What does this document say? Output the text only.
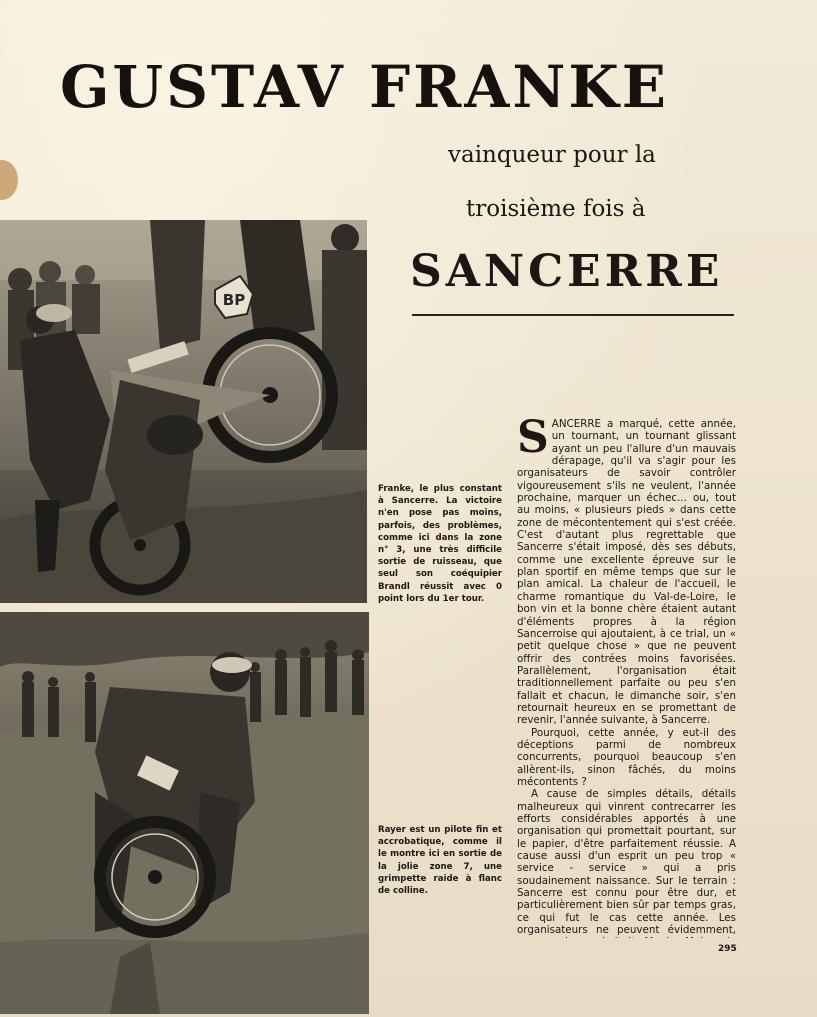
GUSTAV FRANKE
vainqueur pour la
troisième fois à
SANCERRE
BP
Franke, le plus constant à Sancerre. La victoire n'en pose pas moins, parfois, des problèmes, comme ici dans la zone n° 3, une très difficile sortie de ruisseau, que seul son coéquipier Brandl réussit avec 0 point lors du 1er tour.
Rayer est un pilote fin et accrobatique, comme il le montre ici en sortie de la jolie zone 7, une grimpette raide à flanc de colline.

SANCERRE a marqué, cette année, un tournant, un tournant glissant ayant un peu l'allure d'un mauvais dérapage, qu'il va s'agir pour les organisateurs de savoir contrôler vigoureusement s'ils ne veulent, l'année prochaine, marquer un échec... ou, tout au moins, « plusieurs pieds » dans cette zone de mécontentement qui s'est créée. C'est d'autant plus regrettable que Sancerre s'était imposé, dès ses débuts, comme une excellente épreuve sur le plan sportif en même temps que sur le plan amical. La chaleur de l'accueil, le charme romantique du Val-de-Loire, le bon vin et la bonne chère étaient autant d'éléments propres à la région Sancerroise qui ajoutaient, à ce trial, un « petit quelque chose » que ne peuvent offrir des contrées moins favorisées. Parallèlement, l'organisation était traditionnellement parfaite ou peu s'en fallait et chacun, le dimanche soir, s'en retournait heureux en se promettant de revenir, l'année suivante, à Sancerre.

Pourquoi, cette année, y eut-il des déceptions parmi de nombreux concurrents, pourquoi beaucoup s'en allèrent-ils, sinon fâchés, du moins mécontents ?

A cause de simples détails, détails malheureux qui vinrent contrecarrer les efforts considérables apportés à une organisation qui promettait pourtant, sur le papier, d'être parfaitement réussie. A cause aussi d'un esprit un peu trop « service - service » qui a pris soudainement naissance. Sur le terrain : Sancerre est connu pour être dur, et particulièrement bien sûr par temps gras, ce qui fut le cas cette année. Les organisateurs ne peuvent évidemment,

295
